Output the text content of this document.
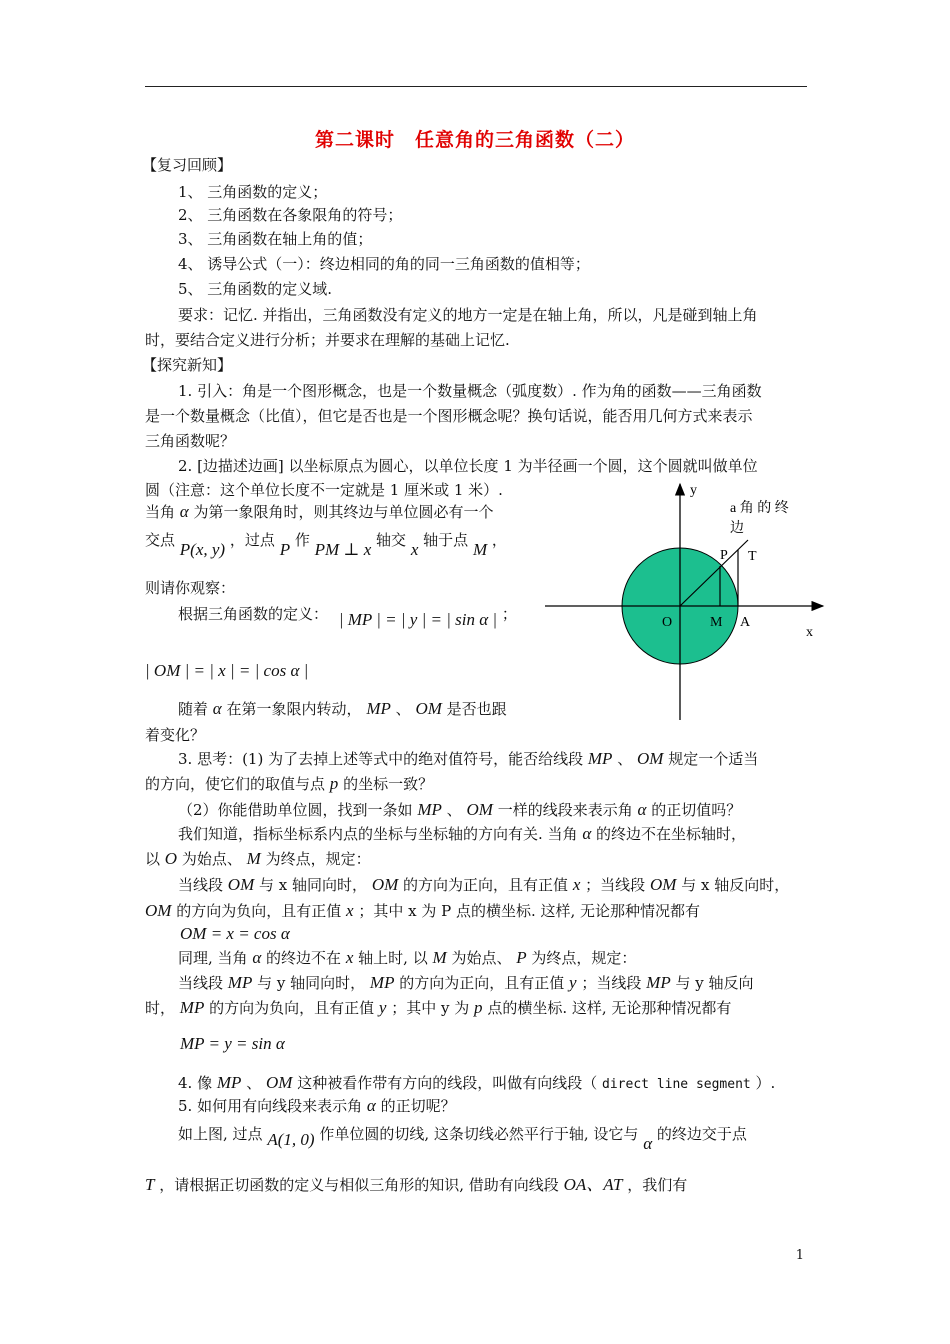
第二课时　任意角的三角函数（二）
【复习回顾】
1、 三角函数的定义；
2、 三角函数在各象限角的符号；
3、 三角函数在轴上角的值；
4、 诱导公式（一）：终边相同的角的同一三角函数的值相等；
5、 三角函数的定义域.
要求：记忆. 并指出，三角函数没有定义的地方一定是在轴上角，所以，凡是碰到轴上角
时，要结合定义进行分析；并要求在理解的基础上记忆.
【探究新知】
1. 引入：角是一个图形概念，也是一个数量概念（弧度数）. 作为角的函数——三角函数
是一个数量概念（比值），但它是否也是一个图形概念呢？换句话说，能否用几何方式来表示
三角函数呢？
2. [边描述边画] 以坐标原点为圆心，以单位长度 1 为半径画一个圆，这个圆就叫做单位
圆（注意：这个单位长度不一定就是 1 厘米或 1 米）.
当角 α 为第一象限角时，则其终边与单位圆必有一个
交点 P(x, y) ，过点 P 作 PM ⊥ x 轴交 x 轴于点 M ，
则请你观察：
根据三角函数的定义： | MP | = | y | = | sin α | ；
| OM | = | x | = | cos α |
随着 α 在第一象限内转动， MP 、 OM 是否也跟
着变化？
y
x
O	M A
P T
a 角 的 终
边
3. 思考：(1) 为了去掉上述等式中的绝对值符号，能否给线段 MP 、 OM 规定一个适当
的方向，使它们的取值与点 p 的坐标一致？
（2）你能借助单位圆，找到一条如 MP 、 OM 一样的线段来表示角 α 的正切值吗？
我们知道，指标坐标系内点的坐标与坐标轴的方向有关. 当角 α 的终边不在坐标轴时，
以 O 为始点、 M 为终点，规定：
当线段 OM 与 x 轴同向时， OM 的方向为正向，且有正值 x ；当线段 OM 与 x 轴反向时，
OM 的方向为负向，且有正值 x ；其中 x 为 P 点的横坐标. 这样, 无论那种情况都有
OM = x = cos α
同理, 当角 α 的终边不在 x 轴上时, 以 M 为始点、 P 为终点，规定：
当线段 MP 与 y 轴同向时， MP 的方向为正向，且有正值 y ；当线段 MP 与 y 轴反向
时， MP 的方向为负向，且有正值 y ；其中 y 为 p 点的横坐标. 这样, 无论那种情况都有
MP = y = sin α
4. 像 MP 、 OM 这种被看作带有方向的线段，叫做有向线段（ direct line segment ）.
5. 如何用有向线段来表示角 α 的正切呢？
如上图, 过点 A(1, 0) 作单位圆的切线, 这条切线必然平行于轴, 设它与 α 的终边交于点
T ，请根据正切函数的定义与相似三角形的知识, 借助有向线段 OA、AT ，我们有
1
